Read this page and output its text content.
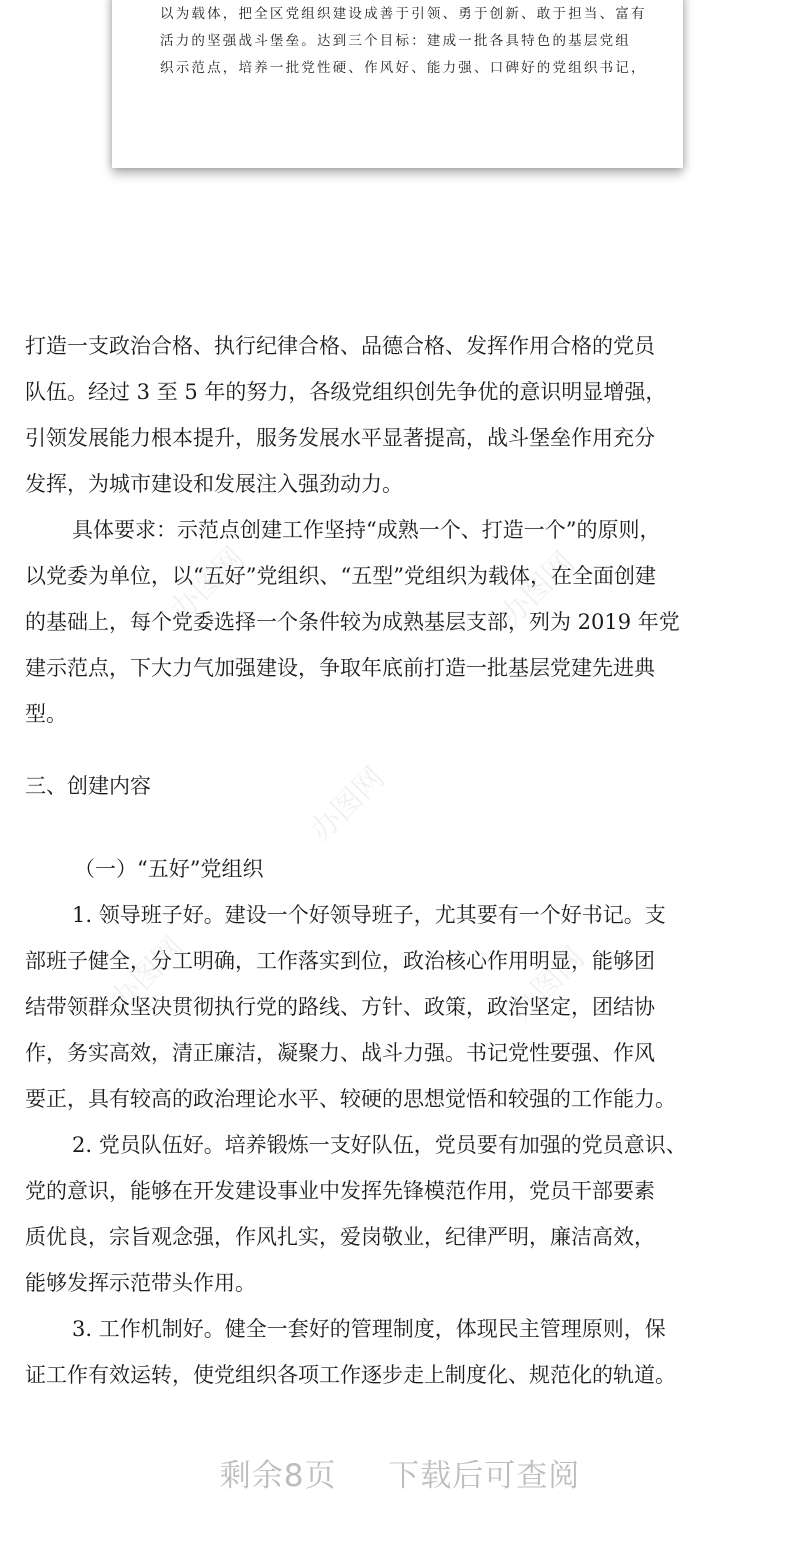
以为载体，把全区党组织建设成善于引领、勇于创新、敢于担当、富有
活力的坚强战斗堡垒。达到三个目标：建成一批各具特色的基层党组
织示范点，培养一批党性硬、作风好、能力强、口碑好的党组织书记，
办图网	办图网
办图网
办图网	办图网
打造一支政治合格、执行纪律合格、品德合格、发挥作用合格的党员
队伍。经过 3 至 5 年的努力，各级党组织创先争优的意识明显增强，
引领发展能力根本提升，服务发展水平显著提高，战斗堡垒作用充分
发挥，为城市建设和发展注入强劲动力。
具体要求：示范点创建工作坚持“成熟一个、打造一个”的原则，
以党委为单位，以“五好”党组织、“五型”党组织为载体，在全面创建
的基础上，每个党委选择一个条件较为成熟基层支部，列为 2019 年党
建示范点，下大力气加强建设，争取年底前打造一批基层党建先进典
型。
三、创建内容
（一）“五好”党组织
1. 领导班子好。建设一个好领导班子，尤其要有一个好书记。支
部班子健全，分工明确，工作落实到位，政治核心作用明显，能够团
结带领群众坚决贯彻执行党的路线、方针、政策，政治坚定，团结协
作，务实高效，清正廉洁，凝聚力、战斗力强。书记党性要强、作风
要正，具有较高的政治理论水平、较硬的思想觉悟和较强的工作能力。
2. 党员队伍好。培养锻炼一支好队伍，党员要有加强的党员意识、
党的意识，能够在开发建设事业中发挥先锋模范作用，党员干部要素
质优良，宗旨观念强，作风扎实，爱岗敬业，纪律严明，廉洁高效，
能够发挥示范带头作用。
3. 工作机制好。健全一套好的管理制度，体现民主管理原则，保
证工作有效运转，使党组织各项工作逐步走上制度化、规范化的轨道。
剩余8页 下载后可查阅
